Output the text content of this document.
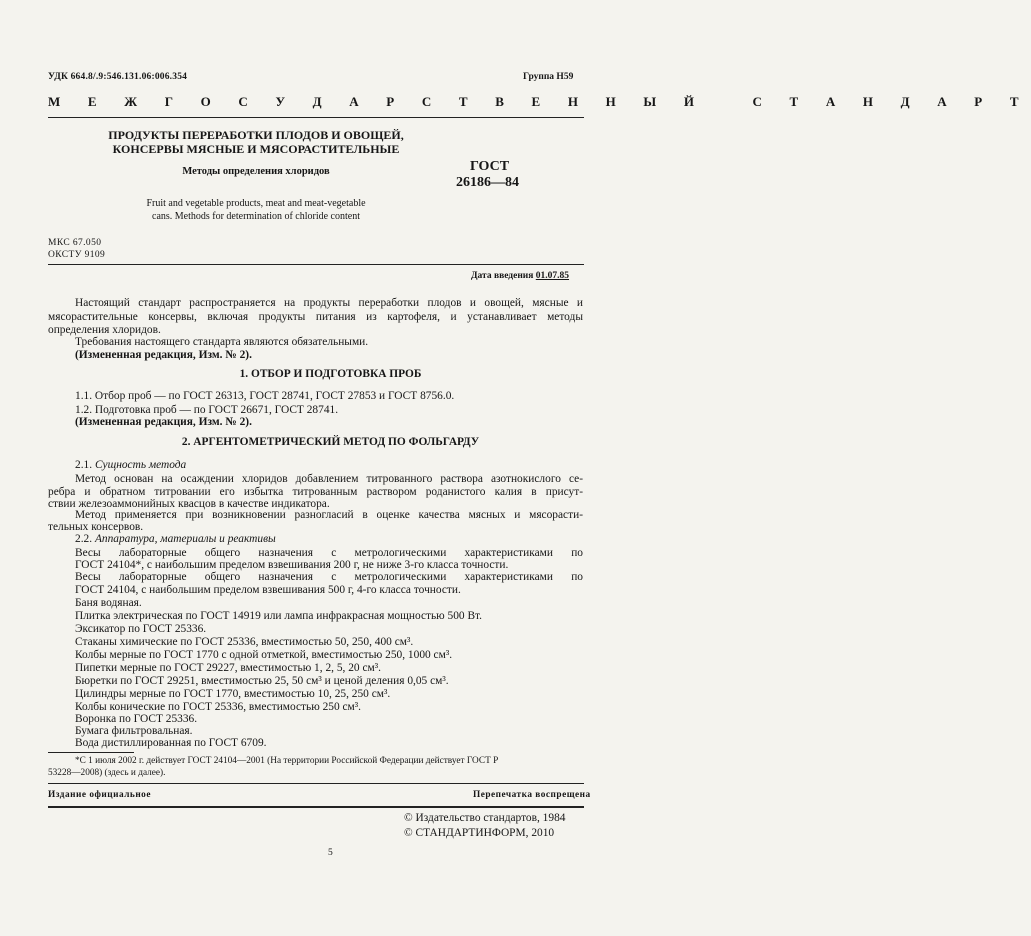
УДК 664.8/.9:546.131.06:006.354	Группа Н59
М Е Ж Г О С У Д А Р С Т В Е Н Н Ы Й   С Т А Н Д А Р Т
ПРОДУКТЫ ПЕРЕРАБОТКИ ПЛОДОВ И ОВОЩЕЙ,
КОНСЕРВЫ МЯСНЫЕ И МЯСОРАСТИТЕЛЬНЫЕ
Методы определения хлоридов	ГОСТ
26186—84
Fruit and vegetable products, meat and meat-vegetable
cans. Methods for determination of chloride content
МКС 67.050
ОКСТУ 9109
Дата введения 01.07.85
Настоящий стандарт распространяется на продукты переработки плодов и овощей, мясные и
мясорастительные консервы, включая продукты питания из картофеля, и устанавливает методы
определения хлоридов.
Требования настоящего стандарта являются обязательными.
(Измененная редакция, Изм. № 2).
1. ОТБОР И ПОДГОТОВКА ПРОБ
1.1. Отбор проб — по ГОСТ 26313, ГОСТ 28741, ГОСТ 27853 и ГОСТ 8756.0.
1.2. Подготовка проб — по ГОСТ 26671, ГОСТ 28741.
(Измененная редакция, Изм. № 2).
2. АРГЕНТОМЕТРИЧЕСКИЙ МЕТОД ПО ФОЛЬГАРДУ
2.1. Сущность метода
Метод основан на осаждении хлоридов добавлением титрованного раствора азотнокислого се-
ребра и обратном титровании его избытка титрованным раствором роданистого калия в присут-
ствии железоаммонийных квасцов в качестве индикатора.
Метод применяется при возникновении разногласий в оценке качества мясных и мясорасти-
тельных консервов.
2.2. Аппаратура, материалы и реактивы
Весы лабораторные общего назначения с метрологическими характеристиками по
ГОСТ 24104*, с наибольшим пределом взвешивания 200 г, не ниже 3-го класса точности.
Весы лабораторные общего назначения с метрологическими характеристиками по
ГОСТ 24104, с наибольшим пределом взвешивания 500 г, 4-го класса точности.
Баня водяная.
Плитка электрическая по ГОСТ 14919 или лампа инфракрасная мощностью 500 Вт.
Эксикатор по ГОСТ 25336.
Стаканы химические по ГОСТ 25336, вместимостью 50, 250, 400 см³.
Колбы мерные по ГОСТ 1770 с одной отметкой, вместимостью 250, 1000 см³.
Пипетки мерные по ГОСТ 29227, вместимостью 1, 2, 5, 20 см³.
Бюретки по ГОСТ 29251, вместимостью 25, 50 см³ и ценой деления 0,05 см³.
Цилиндры мерные по ГОСТ 1770, вместимостью 10, 25, 250 см³.
Колбы конические по ГОСТ 25336, вместимостью 250 см³.
Воронка по ГОСТ 25336.
Бумага фильтровальная.
Вода дистиллированная по ГОСТ 6709.
*С 1 июля 2002 г. действует ГОСТ 24104—2001 (На территории Российской Федерации действует ГОСТ Р
53228—2008) (здесь и далее).
Издание официальное	Перепечатка воспрещена
© Издательство стандартов, 1984
© СТАНДАРТИНФОРМ, 2010
5
